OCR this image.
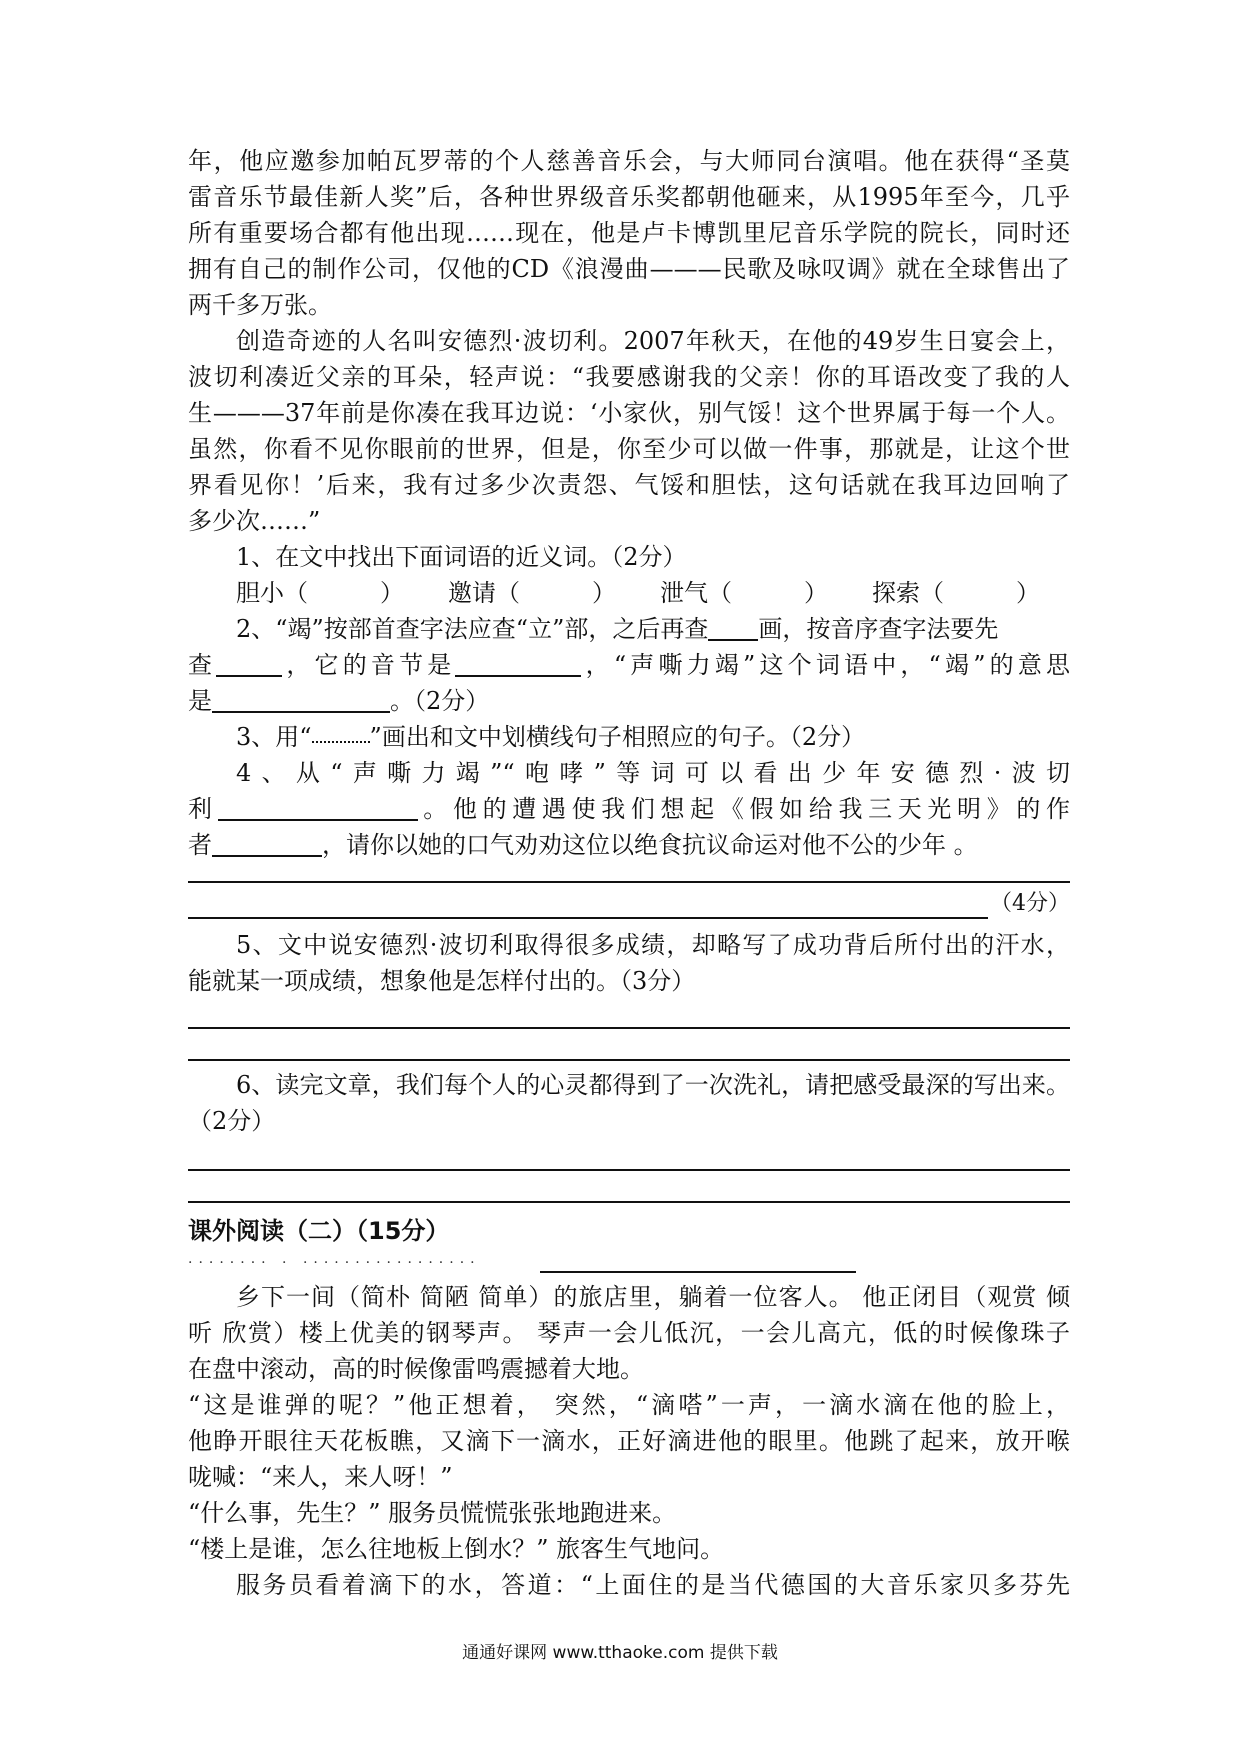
年，他应邀参加帕瓦罗蒂的个人慈善音乐会，与大师同台演唱。他在获得“圣莫
雷音乐节最佳新人奖”后，各种世界级音乐奖都朝他砸来，从1995年至今，几乎
所有重要场合都有他出现……现在，他是卢卡博凯里尼音乐学院的院长，同时还
拥有自己的制作公司，仅他的CD《浪漫曲———民歌及咏叹调》就在全球售出了
两千多万张。
创造奇迹的人名叫安德烈·波切利。2007年秋天，在他的49岁生日宴会上，
波切利凑近父亲的耳朵，轻声说：“我要感谢我的父亲！你的耳语改变了我的人
生———37年前是你凑在我耳边说：‘小家伙，别气馁！这个世界属于每一个人。
虽然，你看不见你眼前的世界，但是，你至少可以做一件事，那就是，让这个世
界看见你！’后来，我有过多少次责怨、气馁和胆怯，这句话就在我耳边回响了
多少次……”
1、在文中找出下面词语的近义词。（2分）
胆小（　　　） 邀请（　　　） 泄气（　　　） 探索（　　　）
2、“竭”按部首查字法应查“立”部，之后再查 画，按音序查字法要先
查	，它的音节是	，“声嘶力竭”这个词语中，“竭”的意思
是	。（2分）
3、用“ ”画出和文中划横线句子相照应的句子。（2分）
4、从“声嘶力竭”“咆哮”等词可以看出少年安德烈·波切
利	。他的遭遇使我们想起《假如给我三天光明》的作
者	，请你以她的口气劝劝这位以绝食抗议命运对他不公的少年 。
（4分）
5、文中说安德烈·波切利取得很多成绩，却略写了成功背后所付出的汗水，
能就某一项成绩，想象他是怎样付出的。（3分）
6、读完文章，我们每个人的心灵都得到了一次洗礼，请把感受最深的写出来。
（2分）
课外阅读（二）（15分）
········ · ·················
乡下一间（简朴 简陋 简单）的旅店里，躺着一位客人。 他正闭目（观赏 倾
听 欣赏）楼上优美的钢琴声。 琴声一会儿低沉，一会儿高亢，低的时候像珠子
在盘中滚动，高的时候像雷鸣震撼着大地。
“这是谁弹的呢？”他正想着， 突然，“滴嗒”一声，一滴水滴在他的脸上，
他睁开眼往天花板瞧，又滴下一滴水，正好滴进他的眼里。他跳了起来，放开喉
咙喊：“来人，来人呀！”
“什么事，先生？” 服务员慌慌张张地跑进来。
“楼上是谁，怎么往地板上倒水？” 旅客生气地问。
服务员看着滴下的水，答道：“上面住的是当代德国的大音乐家贝多芬先
通通好课网 www.tthaoke.com 提供下载
